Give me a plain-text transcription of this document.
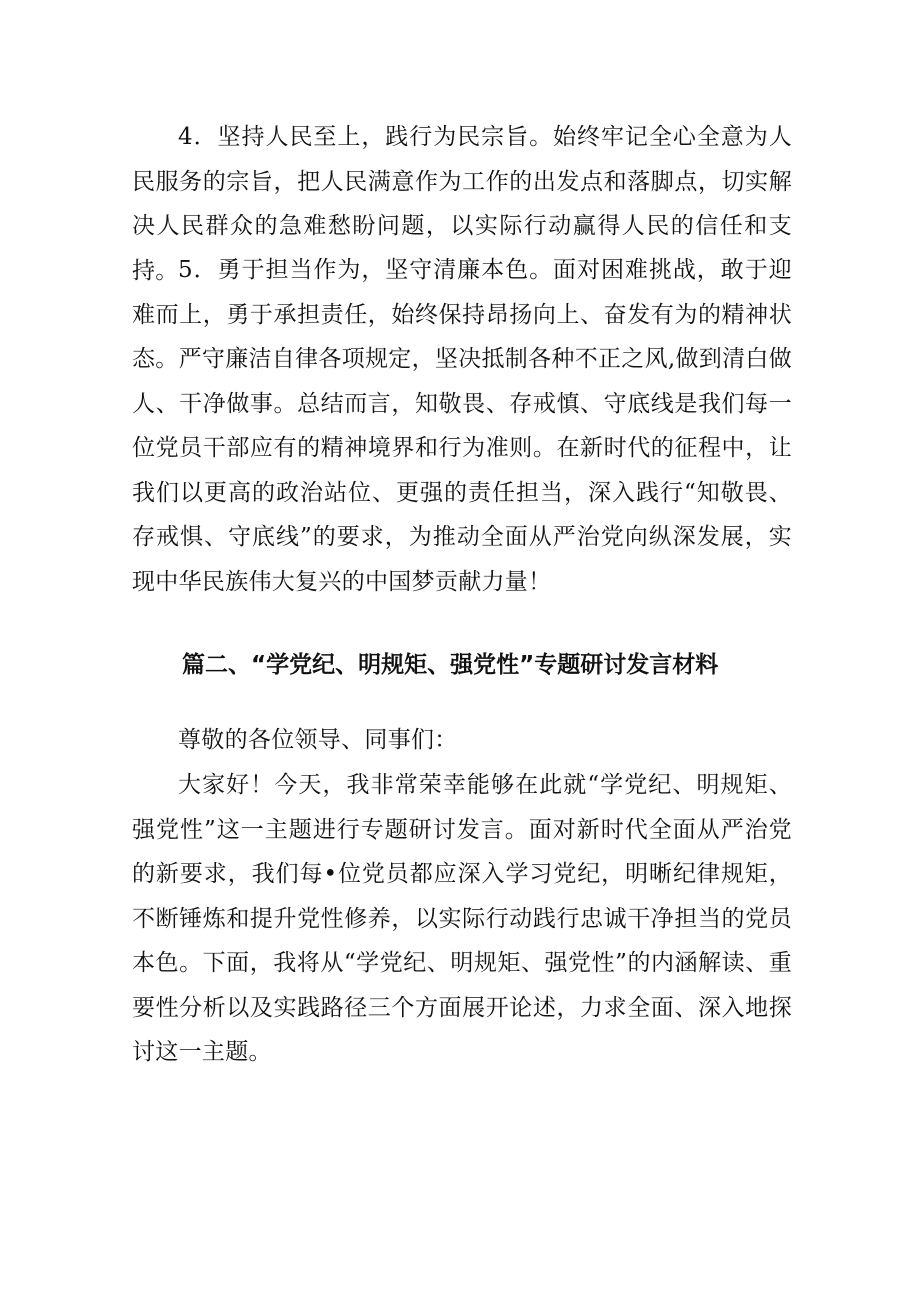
4．坚持人民至上，践行为民宗旨。始终牢记全心全意为人民服务的宗旨，把人民满意作为工作的出发点和落脚点，切实解决人民群众的急难愁盼问题，以实际行动赢得人民的信任和支持。 5．勇于担当作为，坚守清廉本色。面对困难挑战，敢于迎难而上，勇于承担责任，始终保持昂扬向上、奋发有为的精神状态。严守廉洁自律各项规定，坚决抵制各种不正之风,做到清白做人、干净做事。总结而言，知敬畏、存戒慎、守底线是我们每一位党员干部应有的精神境界和行为准则。在新时代的征程中，让我们以更高的政治站位、更强的责任担当，深入践行“知敬畏、存戒惧、守底线”的要求，为推动全面从严治党向纵深发展，实现中华民族伟大复兴的中国梦贡献力量！

篇二、“学党纪、明规矩、强党性”专题研讨发言材料

尊敬的各位领导、同事们：

大家好！今天，我非常荣幸能够在此就“学党纪、明规矩、强党性”这一主题进行专题研讨发言。面对新时代全面从严治党的新要求，我们每•位党员都应深入学习党纪，明晰纪律规矩，不断锤炼和提升党性修养，以实际行动践行忠诚干净担当的党员本色。下面，我将从“学党纪、明规矩、强党性”的内涵解读、重要性分析以及实践路径三个方面展开论述，力求全面、深入地探讨这一主题。
